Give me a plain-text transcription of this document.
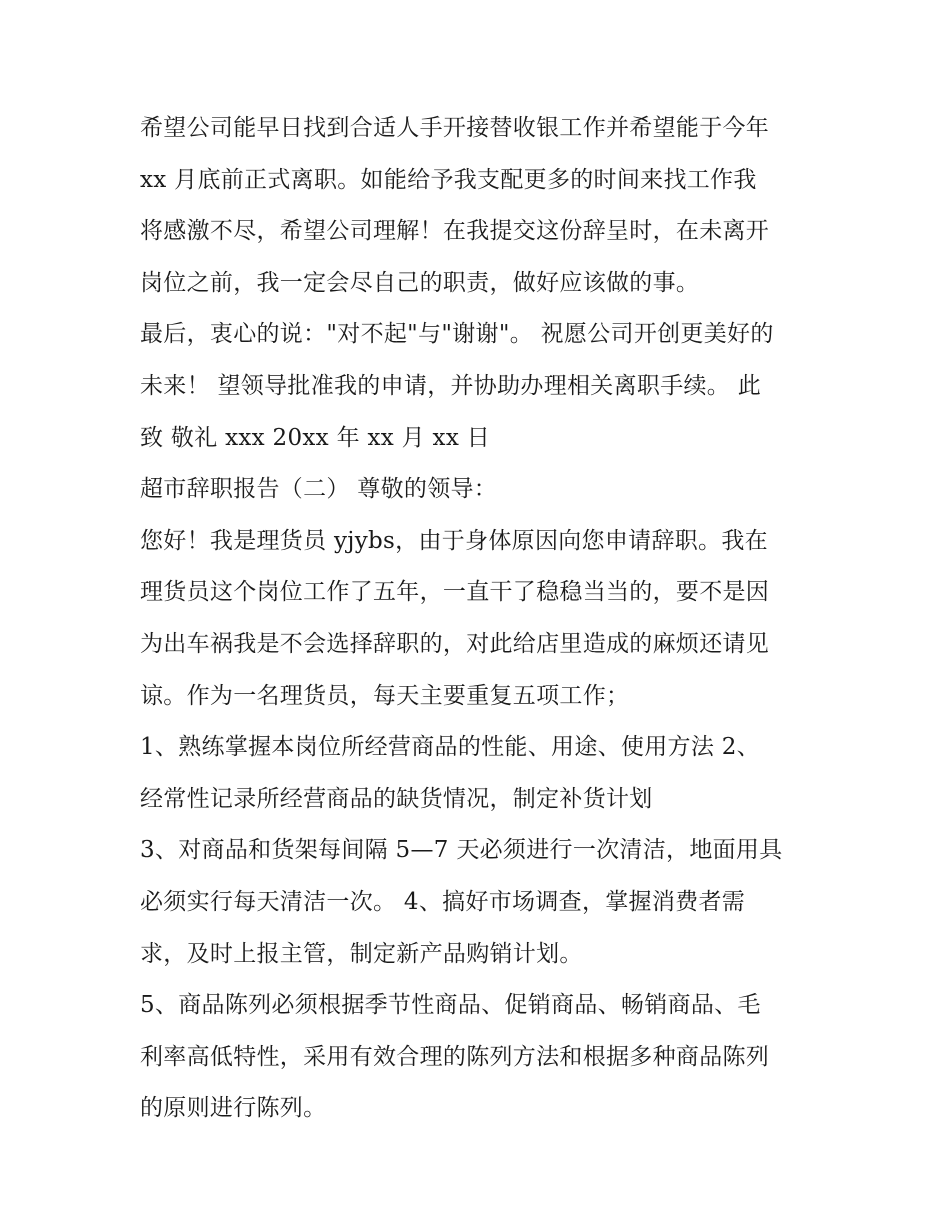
希望公司能早日找到合适人手开接替收银工作并希望能于今年
xx 月底前正式离职。如能给予我支配更多的时间来找工作我
将感激不尽，希望公司理解！在我提交这份辞呈时，在未离开
岗位之前，我一定会尽自己的职责，做好应该做的事。
最后，衷心的说："对不起"与"谢谢"。 祝愿公司开创更美好的
未来！ 望领导批准我的申请，并协助办理相关离职手续。 此
致 敬礼 xxx 20xx 年 xx 月 xx 日
超市辞职报告（二） 尊敬的领导：
您好！我是理货员 yjybs，由于身体原因向您申请辞职。我在
理货员这个岗位工作了五年，一直干了稳稳当当的，要不是因
为出车祸我是不会选择辞职的，对此给店里造成的麻烦还请见
谅。作为一名理货员，每天主要重复五项工作；
1、熟练掌握本岗位所经营商品的性能、用途、使用方法 2、
经常性记录所经营商品的缺货情况，制定补货计划
3、对商品和货架每间隔 5—7 天必须进行一次清洁，地面用具
必须实行每天清洁一次。 4、搞好市场调查，掌握消费者需
求，及时上报主管，制定新产品购销计划。
5、商品陈列必须根据季节性商品、促销商品、畅销商品、毛
利率高低特性，采用有效合理的陈列方法和根据多种商品陈列
的原则进行陈列。
